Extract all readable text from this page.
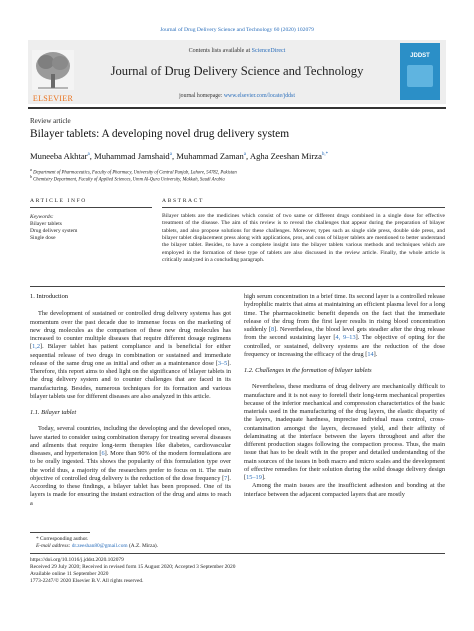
Journal of Drug Delivery Science and Technology 60 (2020) 102079
ELSEVIER
Contents lists available at ScienceDirect
Journal of Drug Delivery Science and Technology
journal homepage: www.elsevier.com/locate/jddst
JDDST
Review article
Bilayer tablets: A developing novel drug delivery system
Muneeba Akhtar$^a$, Muhammad Jamshaid$^a$, Muhammad Zaman$^a$, Agha Zeeshan Mirza$^{b,*}$
$^a$ Department of Pharmaceutics, Faculty of Pharmacy, University of Central Punjab, Lahore, 54782, Pakistan
$^b$ Chemistry Department, Faculty of Applied Sciences, Umm Al-Qura University, Makkah, Saudi Arabia
ARTICLE INFO	ABSTRACT
Keywords:
Bilayer tablets
Drug delivery system
Single dose
Bilayer tablets are the medicines which consist of two same or different drugs combined in a single dose for effective treatment of the disease. The aim of this review is to reveal the challenges that appear during the preparation of bilayer tablets, and also propose solutions for these challenges. Moreover, types such as single side press, double side press, and bilayer tablet displacement press along with applications, pros, and cons of bilayer tablets are mentioned to better understand the bilayer tablet. Besides, to have a complete insight into the bilayer tablets various methods and techniques which are employed in the formation of these type of tablets are also discussed in the review article. Finally, the whole article is critically analyzed in a concluding paragraph.
1. Introduction

The development of sustained or controlled drug delivery systems has got momentum over the past decade due to immense focus on the marketing of new drug molecules as the comparison of these new drug molecules has increased to counter multiple diseases that require different dosage regimens [1,2]. Bilayer tablet has patient compliance and is beneficial for either sequential release of two drugs in combination or sustained and immediate release of the same drug one as initial and other as a maintenance dose [3–5]. Therefore, this report aims to shed light on the significance of bilayer tablets in the drug delivery system and to counter challenges that are faced in its manufacturing. Besides, numerous techniques for its formation and various bilayer tablets use for different diseases are also analyzed in this article.

1.1. Bilayer tablet

Today, several countries, including the developing and the developed ones, have started to consider using combination therapy for treating several diseases and ailments that require long-term therapies like diabetes, cardiovascular diseases, and hypertension [6]. More than 90% of the modern formulations are to be orally ingested. This shows the popularity of this formulation type over the world thus, a majority of the researchers prefer to focus on it. The main objective of controlled drug delivery is the reduction of the dose frequency [7]. According to these findings, a bilayer tablet has been proposed. One of its layers is made for ensuring the instant extraction of the drug and aims to reach a

high serum concentration in a brief time. Its second layer is a controlled release hydrophilic matrix that aims at maintaining an efficient plasma level for a long time. The pharmacokinetic benefit depends on the fact that the immediate release of the drug from the first layer results in rising blood concentration suddenly [8]. Nevertheless, the blood level gets steadier after the drug release from the second sustaining layer [4, 9–13]. The objective of opting for the controlled, or sustained, delivery systems are the reduction of the dose frequency or increasing the efficacy of the drug [14].

1.2. Challenges in the formation of bilayer tablets

Nevertheless, these mediums of drug delivery are mechanically difficult to manufacture and it is not easy to foretell their long-term mechanical properties because of the inferior mechanical and compression characteristics of the basic materials used in the manufacturing of the drug layers, the elastic disparity of the layers, inadequate hardness, imprecise individual mass control, cross-contamination amongst the layers, decreased yield, and their affinity of delaminating at the interface between the layers throughout and after the different production stages following the compaction process. Thus, the main issue that has to be dealt with in the proper and detailed understanding of the main sources of the issues in both macro and micro scales and the development of effective remedies for their solution during the solid dosage delivery design [15–19].

Among the main issues are the insufficient adhesion and bonding at the interface between the adjacent compacted layers that are mostly

* Corresponding author.
E-mail address: dr.zeeshan80@gmail.com (A.Z. Mirza).
https://doi.org/10.1016/j.jddst.2020.102079
Received 29 July 2020; Received in revised form 15 August 2020; Accepted 3 September 2020
Available online 11 September 2020
1773-2247/© 2020 Elsevier B.V. All rights reserved.
